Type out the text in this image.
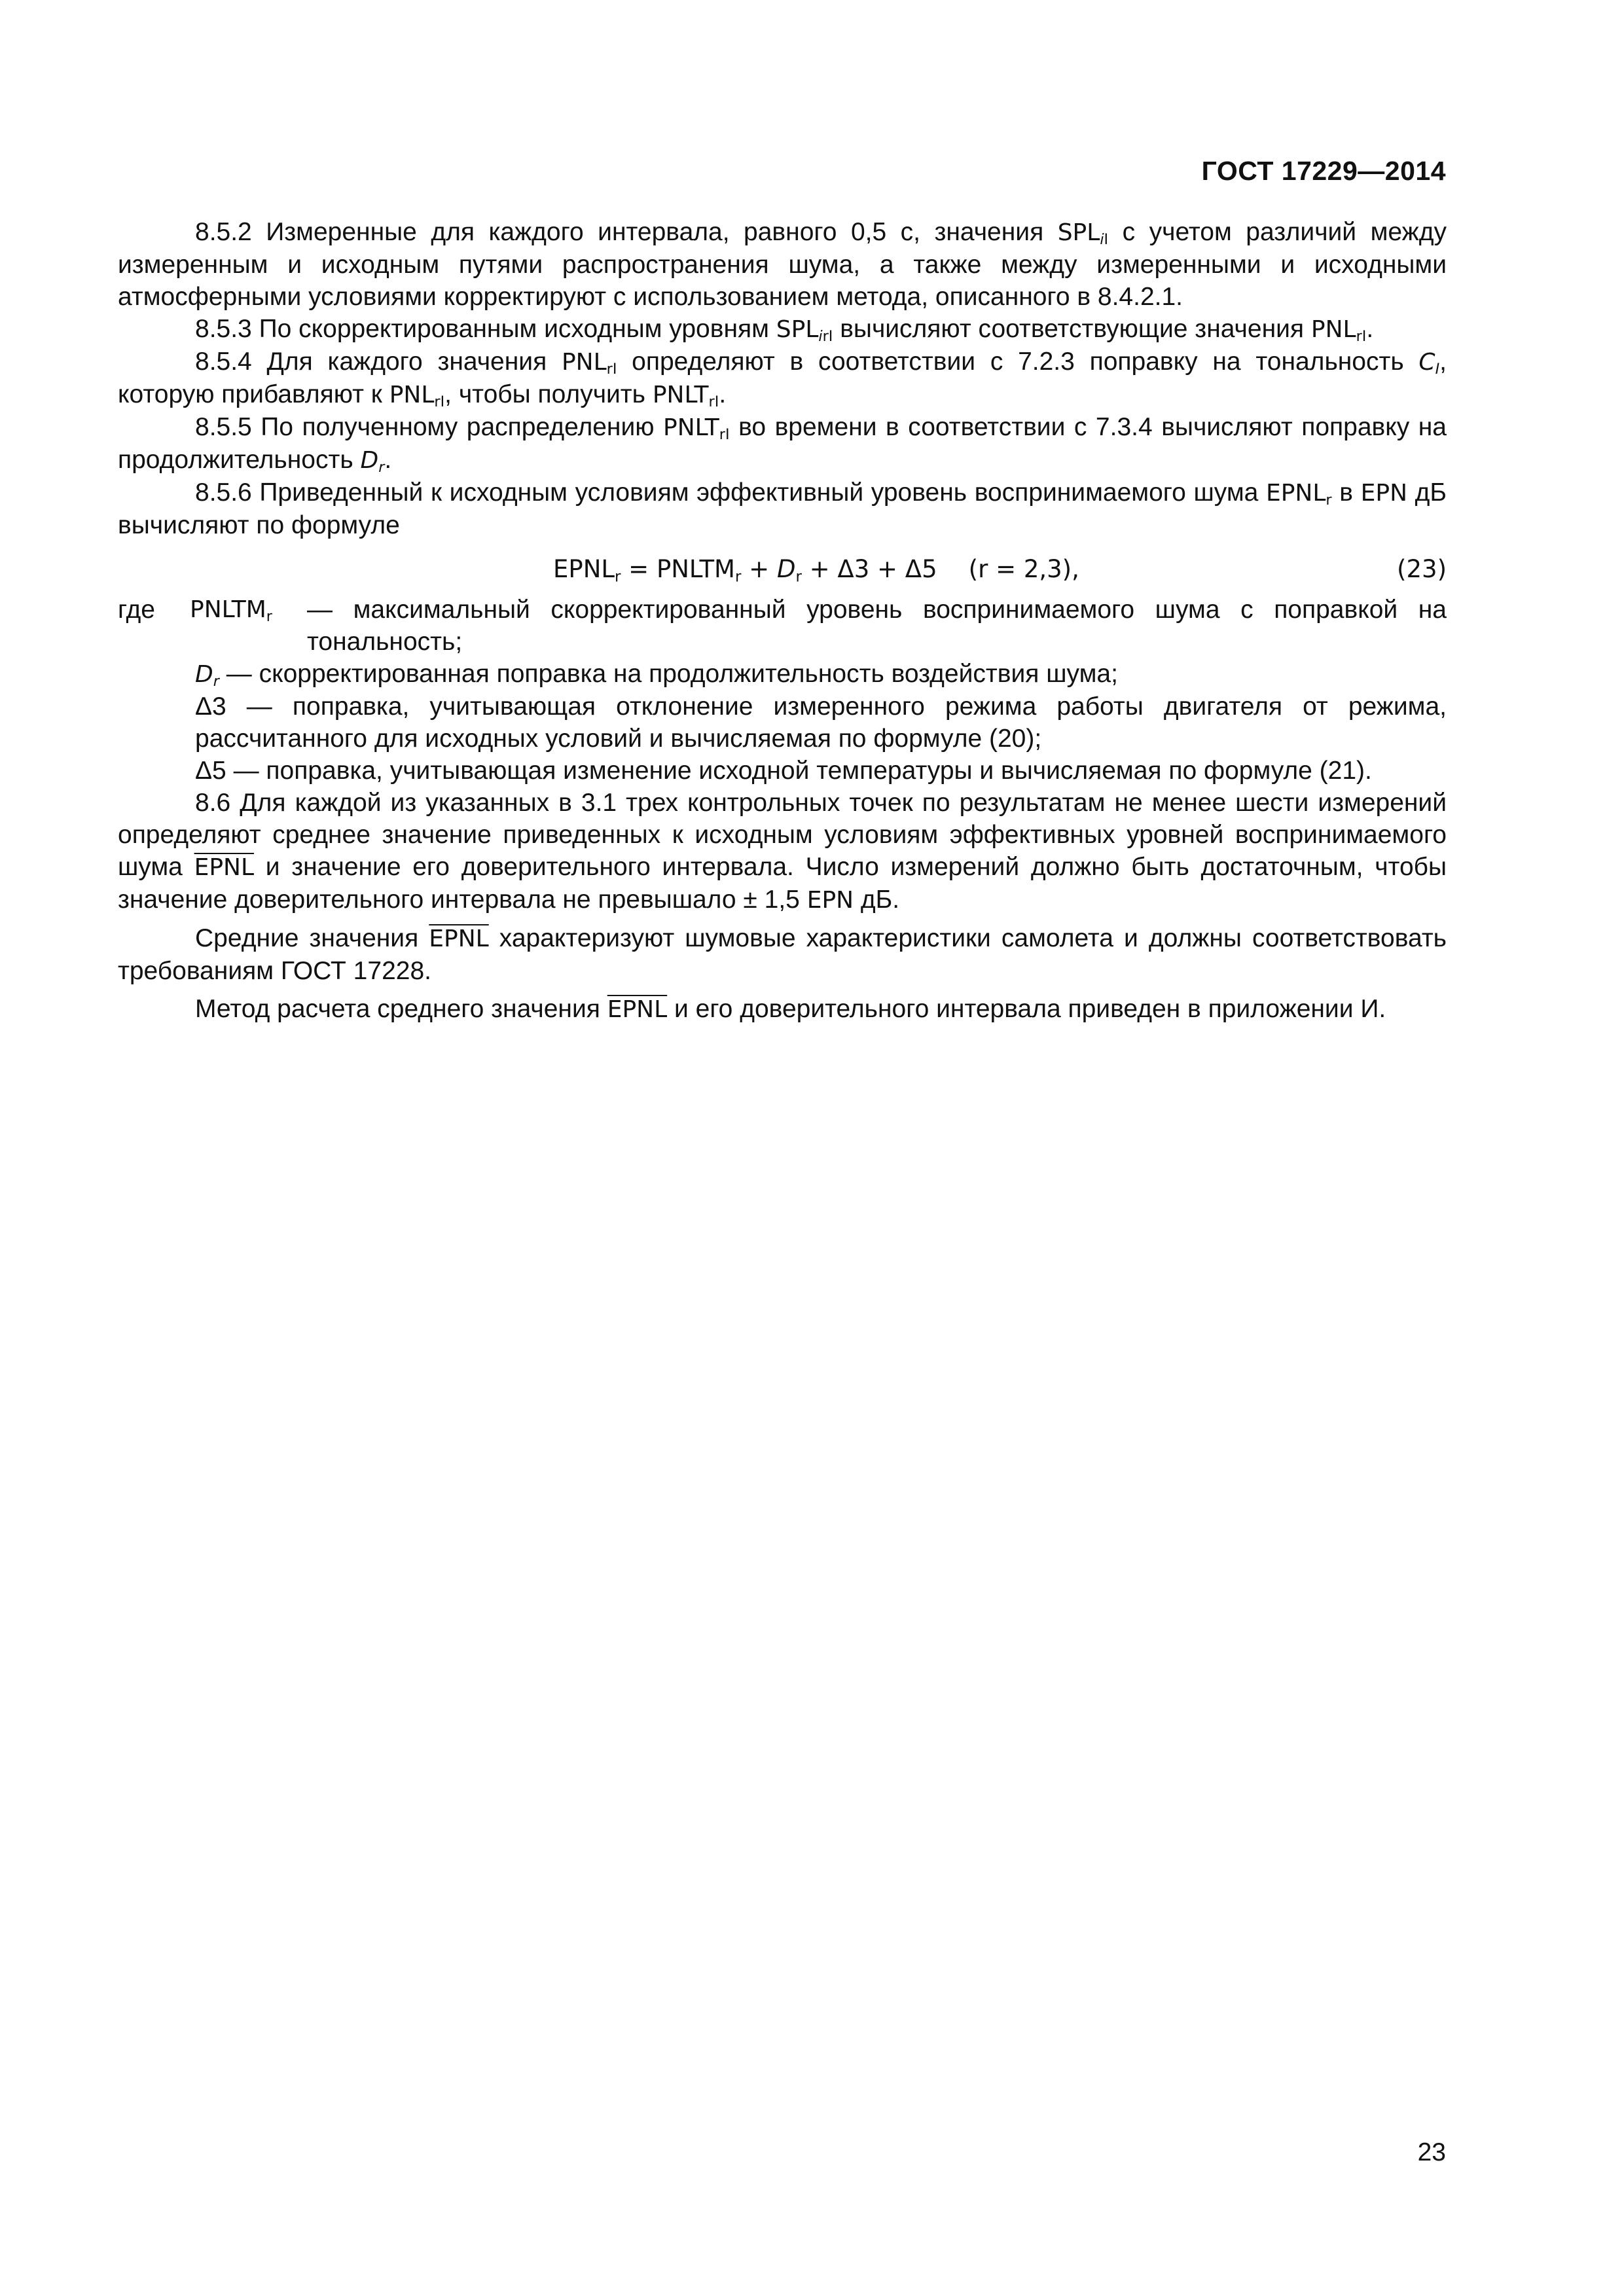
ГОСТ 17229—2014

8.5.2 Измеренные для каждого интервала, равного 0,5 с, значения $SPL_{iI}$ с учетом различий между измеренным и исходным путями распространения шума, а также между измеренными и исходными атмосферными условиями корректируют с использованием метода, описанного в 8.4.2.1.

8.5.3 По скорректированным исходным уровням $SPL_{irI}$ вычисляют соответствующие значения $PNL_{rI}$.

8.5.4 Для каждого значения $PNL_{rI}$ определяют в соответствии с 7.2.3 поправку на тональность $C_I$, которую прибавляют к $PNL_{rI}$, чтобы получить $PNLT_{rI}$.

8.5.5 По полученному распределению $PNLT_{rI}$ во времени в соответствии с 7.3.4 вычисляют поправку на продолжительность $D_r$.

8.5.6 Приведенный к исходным условиям эффективный уровень воспринимаемого шума $EPNL_r$ в EPN дБ вычисляют по формуле

$EPNL_r$ = $PNLTM_r + D_r + \Delta 3 + \Delta 5$ (r = 2,3),	(23)
где $PNLTM_r$ — максимальный скорректированный уровень воспринимаемого шума с поправкой на тональность;
$D_r$ — скорректированная поправка на продолжительность воздействия шума;
Δ3 — поправка, учитывающая отклонение измеренного режима работы двигателя от режима, рассчитанного для исходных условий и вычисляемая по формуле (20);
Δ5 — поправка, учитывающая изменение исходной температуры и вычисляемая по формуле (21).

8.6 Для каждой из указанных в 3.1 трех контрольных точек по результатам не менее шести измерений определяют среднее значение приведенных к исходным условиям эффективных уровней воспринимаемого шума EPNL и значение его доверительного интервала. Число измерений должно быть достаточным, чтобы значение доверительного интервала не превышало ± 1,5 EPN дБ.

Средние значения EPNL характеризуют шумовые характеристики самолета и должны соответствовать требованиям ГОСТ 17228.

Метод расчета среднего значения EPNL и его доверительного интервала приведен в приложении И.

23
